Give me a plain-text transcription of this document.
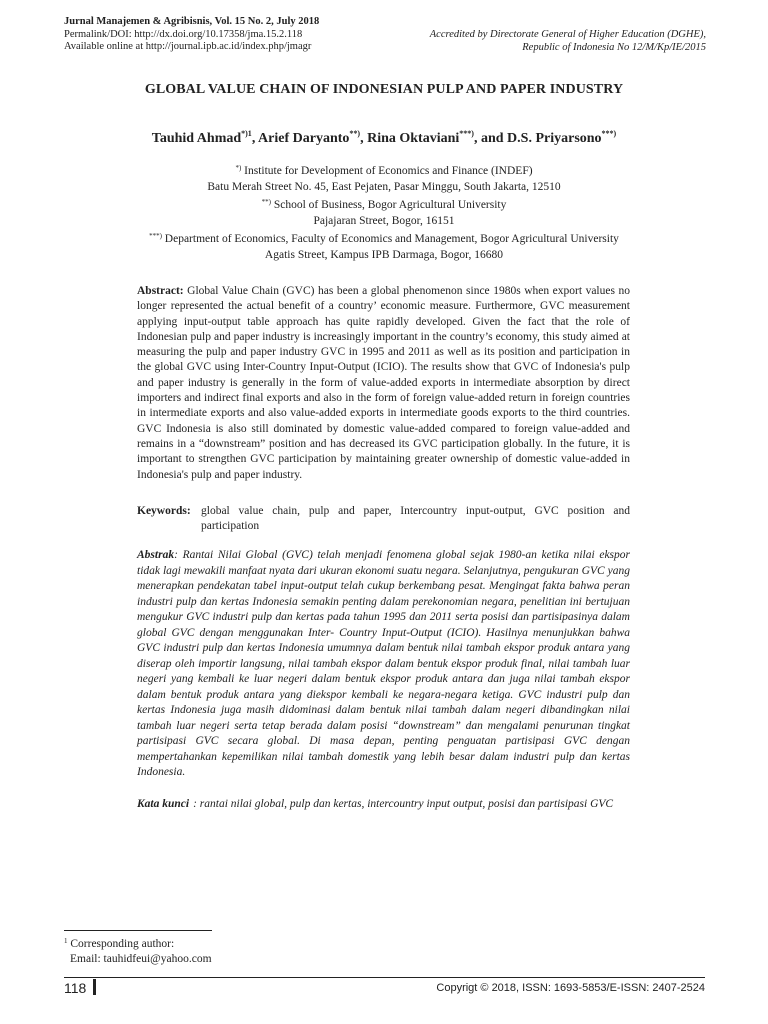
Jurnal Manajemen & Agribisnis, Vol. 15 No. 2, July 2018
Permalink/DOI: http://dx.doi.org/10.17358/jma.15.2.118
Available online at http://journal.ipb.ac.id/index.php/jmagr
Accredited by Directorate General of Higher Education (DGHE),
Republic of Indonesia No 12/M/Kp/IE/2015
GLOBAL VALUE CHAIN OF INDONESIAN PULP AND PAPER INDUSTRY
Tauhid Ahmad$^{*)1}$, Arief Daryanto**), Rina Oktaviani***), and D.S. Priyarsono***)
*) Institute for Development of Economics and Finance (INDEF)
Batu Merah Street No. 45, East Pejaten, Pasar Minggu, South Jakarta, 12510
**) School of Business, Bogor Agricultural University
Pajajaran Street, Bogor, 16151
***) Department of Economics, Faculty of Economics and Management, Bogor Agricultural University
Agatis Street, Kampus IPB Darmaga, Bogor, 16680
Abstract: Global Value Chain (GVC) has been a global phenomenon since 1980s when export values no longer represented the actual benefit of a country’ economic measure. Furthermore, GVC measurement applying input-output table approach has quite rapidly developed. Given the fact that the role of Indonesian pulp and paper industry is increasingly important in the country’s economy, this study aimed at measuring the pulp and paper industry GVC in 1995 and 2011 as well as its position and participation in the global GVC using Inter-Country Input-Output (ICIO). The results show that GVC of Indonesia's pulp and paper industry is generally in the form of value-added exports in intermediate absorption by direct importers and indirect final exports and also in the form of foreign value-added return in foreign countries in intermediate exports and also value-added exports in intermediate goods exports to the third countries. GVC Indonesia is also still dominated by domestic value-added compared to foreign value-added and remains in a “downstream” position and has decreased its GVC participation globally. In the future, it is important to strengthen GVC participation by maintaining greater ownership of domestic value-added in Indonesia's pulp and paper industry.
Keywords: global value chain, pulp and paper, Intercountry input-output, GVC position and participation
Abstrak: Rantai Nilai Global (GVC) telah menjadi fenomena global sejak 1980-an ketika nilai ekspor tidak lagi mewakili manfaat nyata dari ukuran ekonomi suatu negara. Selanjutnya, pengukuran GVC yang menerapkan pendekatan tabel input-output telah cukup berkembang pesat. Mengingat fakta bahwa peran industri pulp dan kertas Indonesia semakin penting dalam perekonomian negara, penelitian ini bertujuan mengukur GVC industri pulp dan kertas pada tahun 1995 dan 2011 serta posisi dan partisipasinya dalam global GVC dengan menggunakan Inter- Country Input-Output (ICIO). Hasilnya menunjukkan bahwa GVC industri pulp dan kertas Indonesia umumnya dalam bentuk nilai tambah ekspor produk antara yang diserap oleh importir langsung, nilai tambah ekspor dalam bentuk ekspor produk final, nilai tambah luar negeri yang kembali ke luar negeri dalam bentuk ekspor produk antara dan juga nilai tambah ekspor dalam bentuk produk antara yang diekspor kembali ke negara-negara ketiga. GVC industri pulp dan kertas Indonesia juga masih didominasi dalam bentuk nilai tambah dalam negeri dibandingkan nilai tambah luar negeri serta tetap berada dalam posisi “downstream” dan mengalami penurunan tingkat partisipasi GVC secara global. Di masa depan, penting penguatan partisipasi GVC dengan mempertahankan kepemilikan nilai tambah domestik yang lebih besar dalam industri pulp dan kertas Indonesia.
Kata kunci : rantai nilai global, pulp dan kertas, intercountry input output, posisi dan partisipasi GVC
$^1$ Corresponding author:
Email: tauhidfeui@yahoo.com
118	Copyrigt © 2018, ISSN: 1693-5853/E-ISSN: 2407-2524
